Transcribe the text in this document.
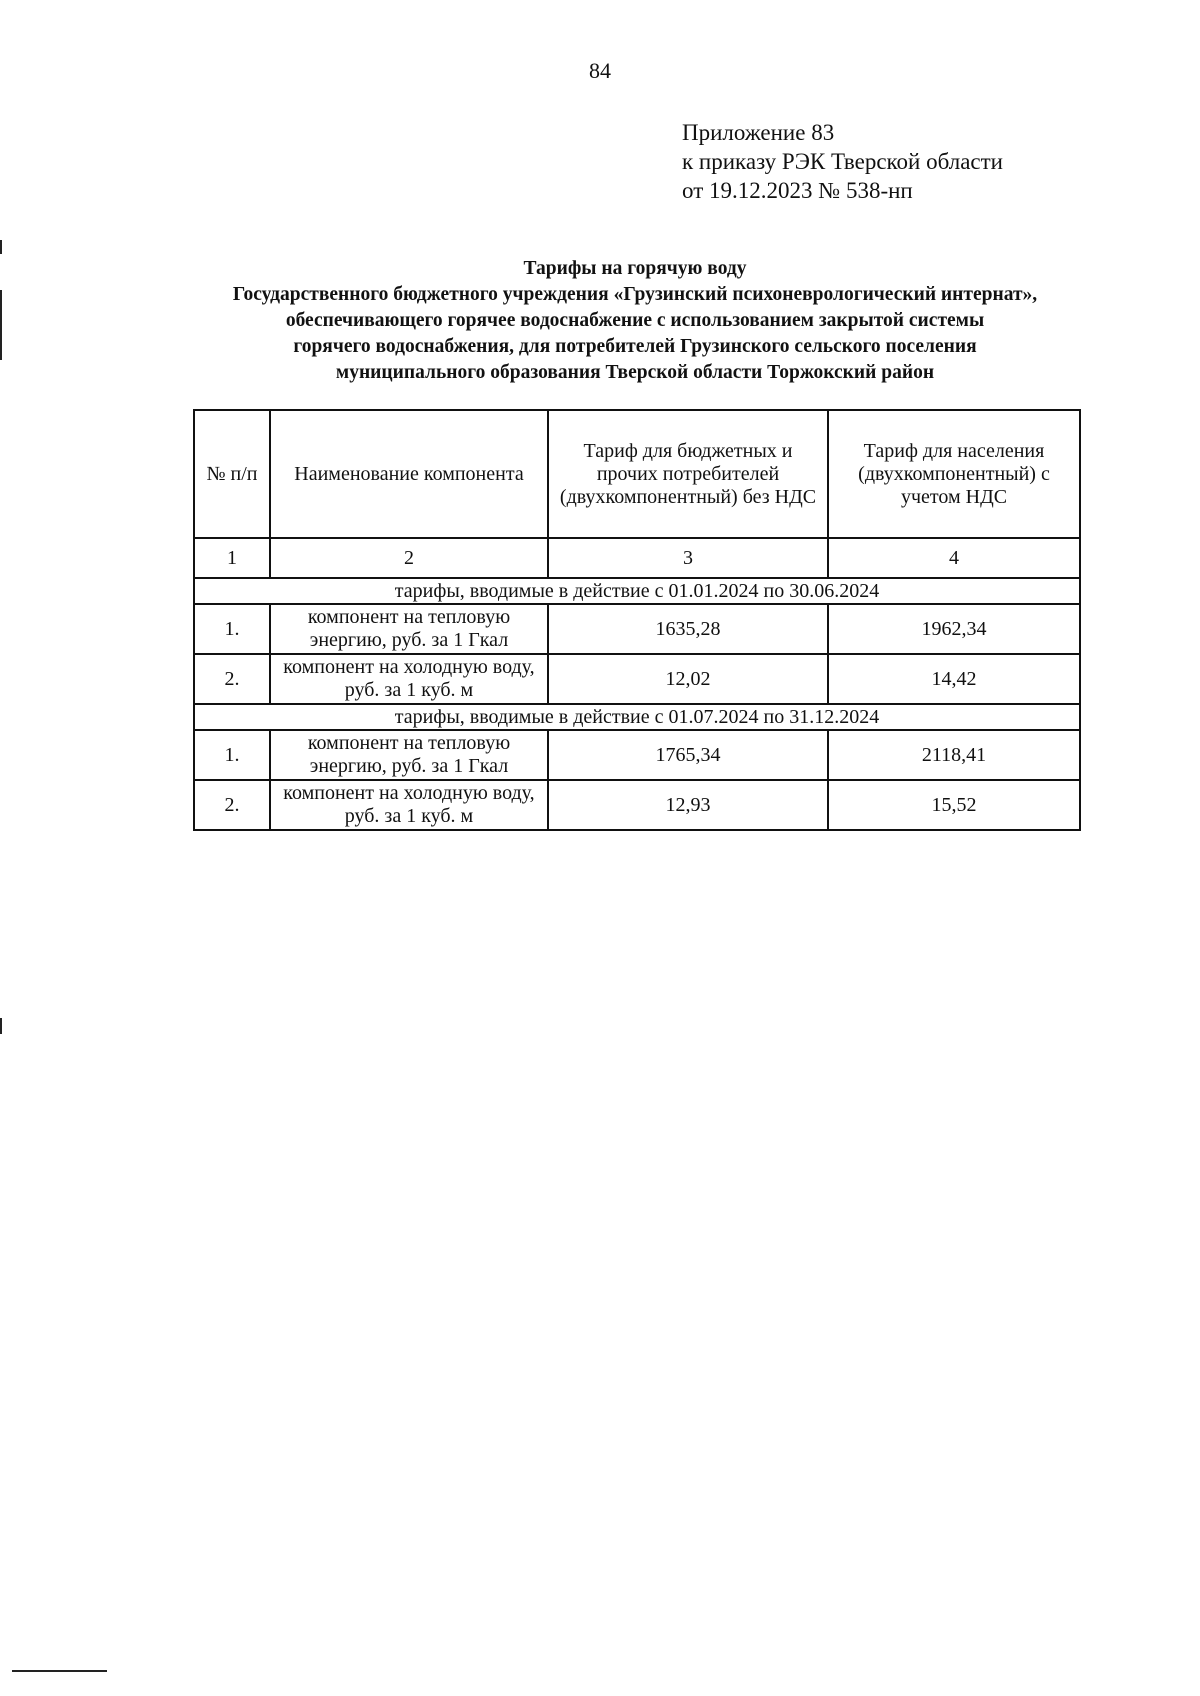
84
Приложение 83
к приказу РЭК Тверской области
от 19.12.2023 № 538-нп
Тарифы на горячую воду
Государственного бюджетного учреждения «Грузинский психоневрологический интернат»,
обеспечивающего горячее водоснабжение с использованием закрытой системы
горячего водоснабжения, для потребителей Грузинского сельского поселения
муниципального образования Тверской области Торжокский район
№ п/п	Наименование компонента	Тариф для бюджетных и прочих потребителей (двухкомпонентный) без НДС	Тариф для населения (двухкомпонентный) с учетом НДС
1	2	3	4
тарифы, вводимые в действие с 01.01.2024 по 30.06.2024			
1.	компонент на тепловую энергию, руб. за 1 Гкал	1635,28	1962,34
2.	компонент на холодную воду, руб. за 1 куб. м	12,02	14,42
тарифы, вводимые в действие с 01.07.2024 по 31.12.2024			
1.	компонент на тепловую энергию, руб. за 1 Гкал	1765,34	2118,41
2.	компонент на холодную воду, руб. за 1 куб. м	12,93	15,52
